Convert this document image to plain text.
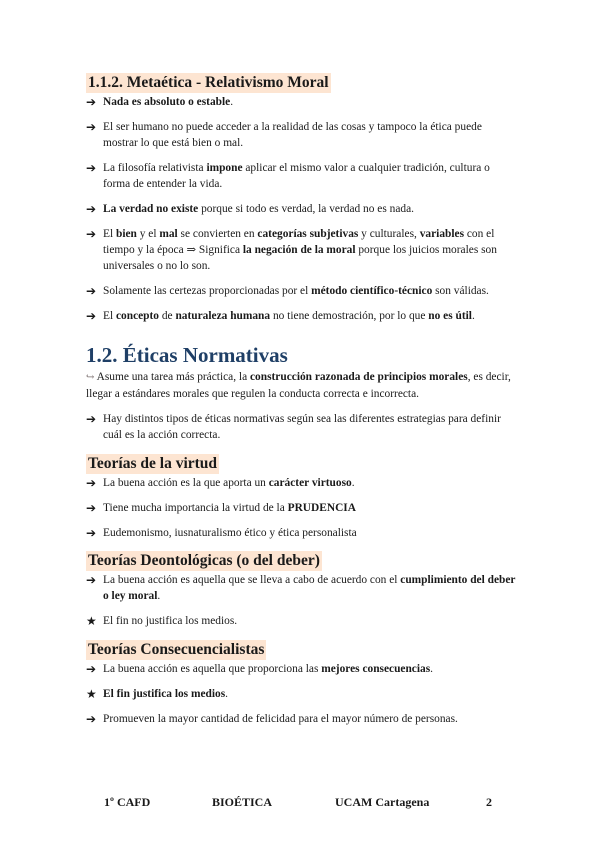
1.1.2. Metaética - Relativismo Moral
➔ Nada es absoluto o estable.
➔ El ser humano no puede acceder a la realidad de las cosas y tampoco la ética puede mostrar lo que está bien o mal.
➔ La filosofía relativista impone aplicar el mismo valor a cualquier tradición, cultura o forma de entender la vida.
➔ La verdad no existe porque si todo es verdad, la verdad no es nada.
➔ El bien y el mal se convierten en categorías subjetivas y culturales, variables con el tiempo y la época ⇒ Significa la negación de la moral porque los juicios morales son universales o no lo son.
➔ Solamente las certezas proporcionadas por el método científico-técnico son válidas.
➔ El concepto de naturaleza humana no tiene demostración, por lo que no es útil.
1.2. Éticas Normativas
↪ Asume una tarea más práctica, la construcción razonada de principios morales, es decir, llegar a estándares morales que regulen la conducta correcta e incorrecta.
➔ Hay distintos tipos de éticas normativas según sea las diferentes estrategias para definir cuál es la acción correcta.
Teorías de la virtud
➔ La buena acción es la que aporta un carácter virtuoso.
➔ Tiene mucha importancia la virtud de la PRUDENCIA
➔ Eudemonismo, iusnaturalismo ético y ética personalista
Teorías Deontológicas (o del deber)
➔ La buena acción es aquella que se lleva a cabo de acuerdo con el cumplimiento del deber o ley moral.
★ El fin no justifica los medios.
Teorías Consecuencialistas
➔ La buena acción es aquella que proporciona las mejores consecuencias.
★ El fin justifica los medios.
➔ Promueven la mayor cantidad de felicidad para el mayor número de personas.
1º CAFD	BIOÉTICA	UCAM Cartagena	2
